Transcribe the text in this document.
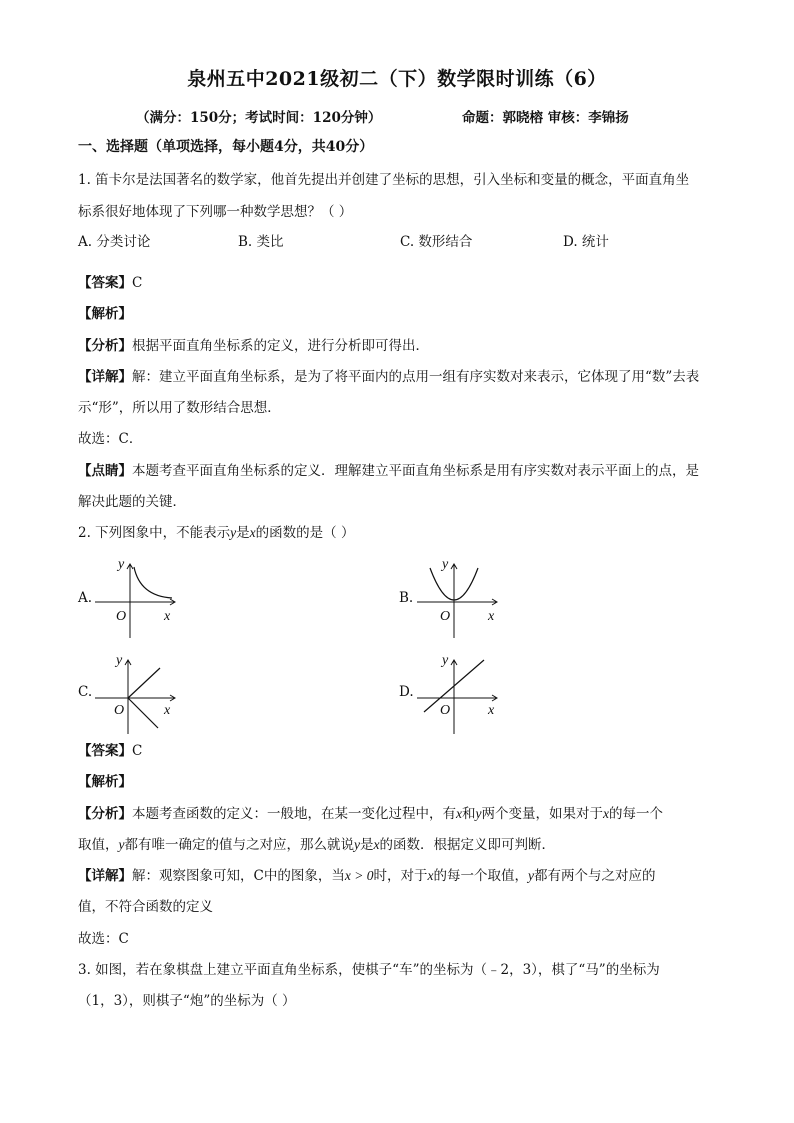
泉州五中2021级初二（下）数学限时训练（6）
（满分：150分；考试时间：120分钟）	命题：郭晓榕 审核：李锦扬
一、选择题（单项选择，每小题4分，共40分）
1. 笛卡尔是法国著名的数学家，他首先提出并创建了坐标的思想，引入坐标和变量的概念，平面直角坐
标系很好地体现了下列哪一种数学思想？（ ）
A. 分类讨论	B. 类比	C. 数形结合	D. 统计
【答案】C
【解析】
【分析】根据平面直角坐标系的定义，进行分析即可得出．
【详解】解：建立平面直角坐标系，是为了将平面内的点用一组有序实数对来表示，它体现了用“数”去表
示“形”，所以用了数形结合思想．
故选：C．
【点睛】本题考查平面直角坐标系的定义．理解建立平面直角坐标系是用有序实数对表示平面上的点，是
解决此题的关键．
2. 下列图象中，不能表示y是x的函数的是（ ）
A.
y
x
O
B.
y
x
O
C.
y
x
O
D.
y
x
O
【答案】C
【解析】
【分析】本题考查函数的定义：一般地，在某一变化过程中，有x和y两个变量，如果对于x的每一个
取值，y都有唯一确定的值与之对应，那么就说y是x的函数．根据定义即可判断．
【详解】解：观察图象可知，C中的图象，当x > 0时，对于x的每一个取值，y都有两个与之对应的
值，不符合函数的定义
故选：C
3. 如图，若在象棋盘上建立平面直角坐标系，使棋子“车”的坐标为（﹣2，3），棋了“马”的坐标为
（1，3），则棋子“炮”的坐标为（ ）
